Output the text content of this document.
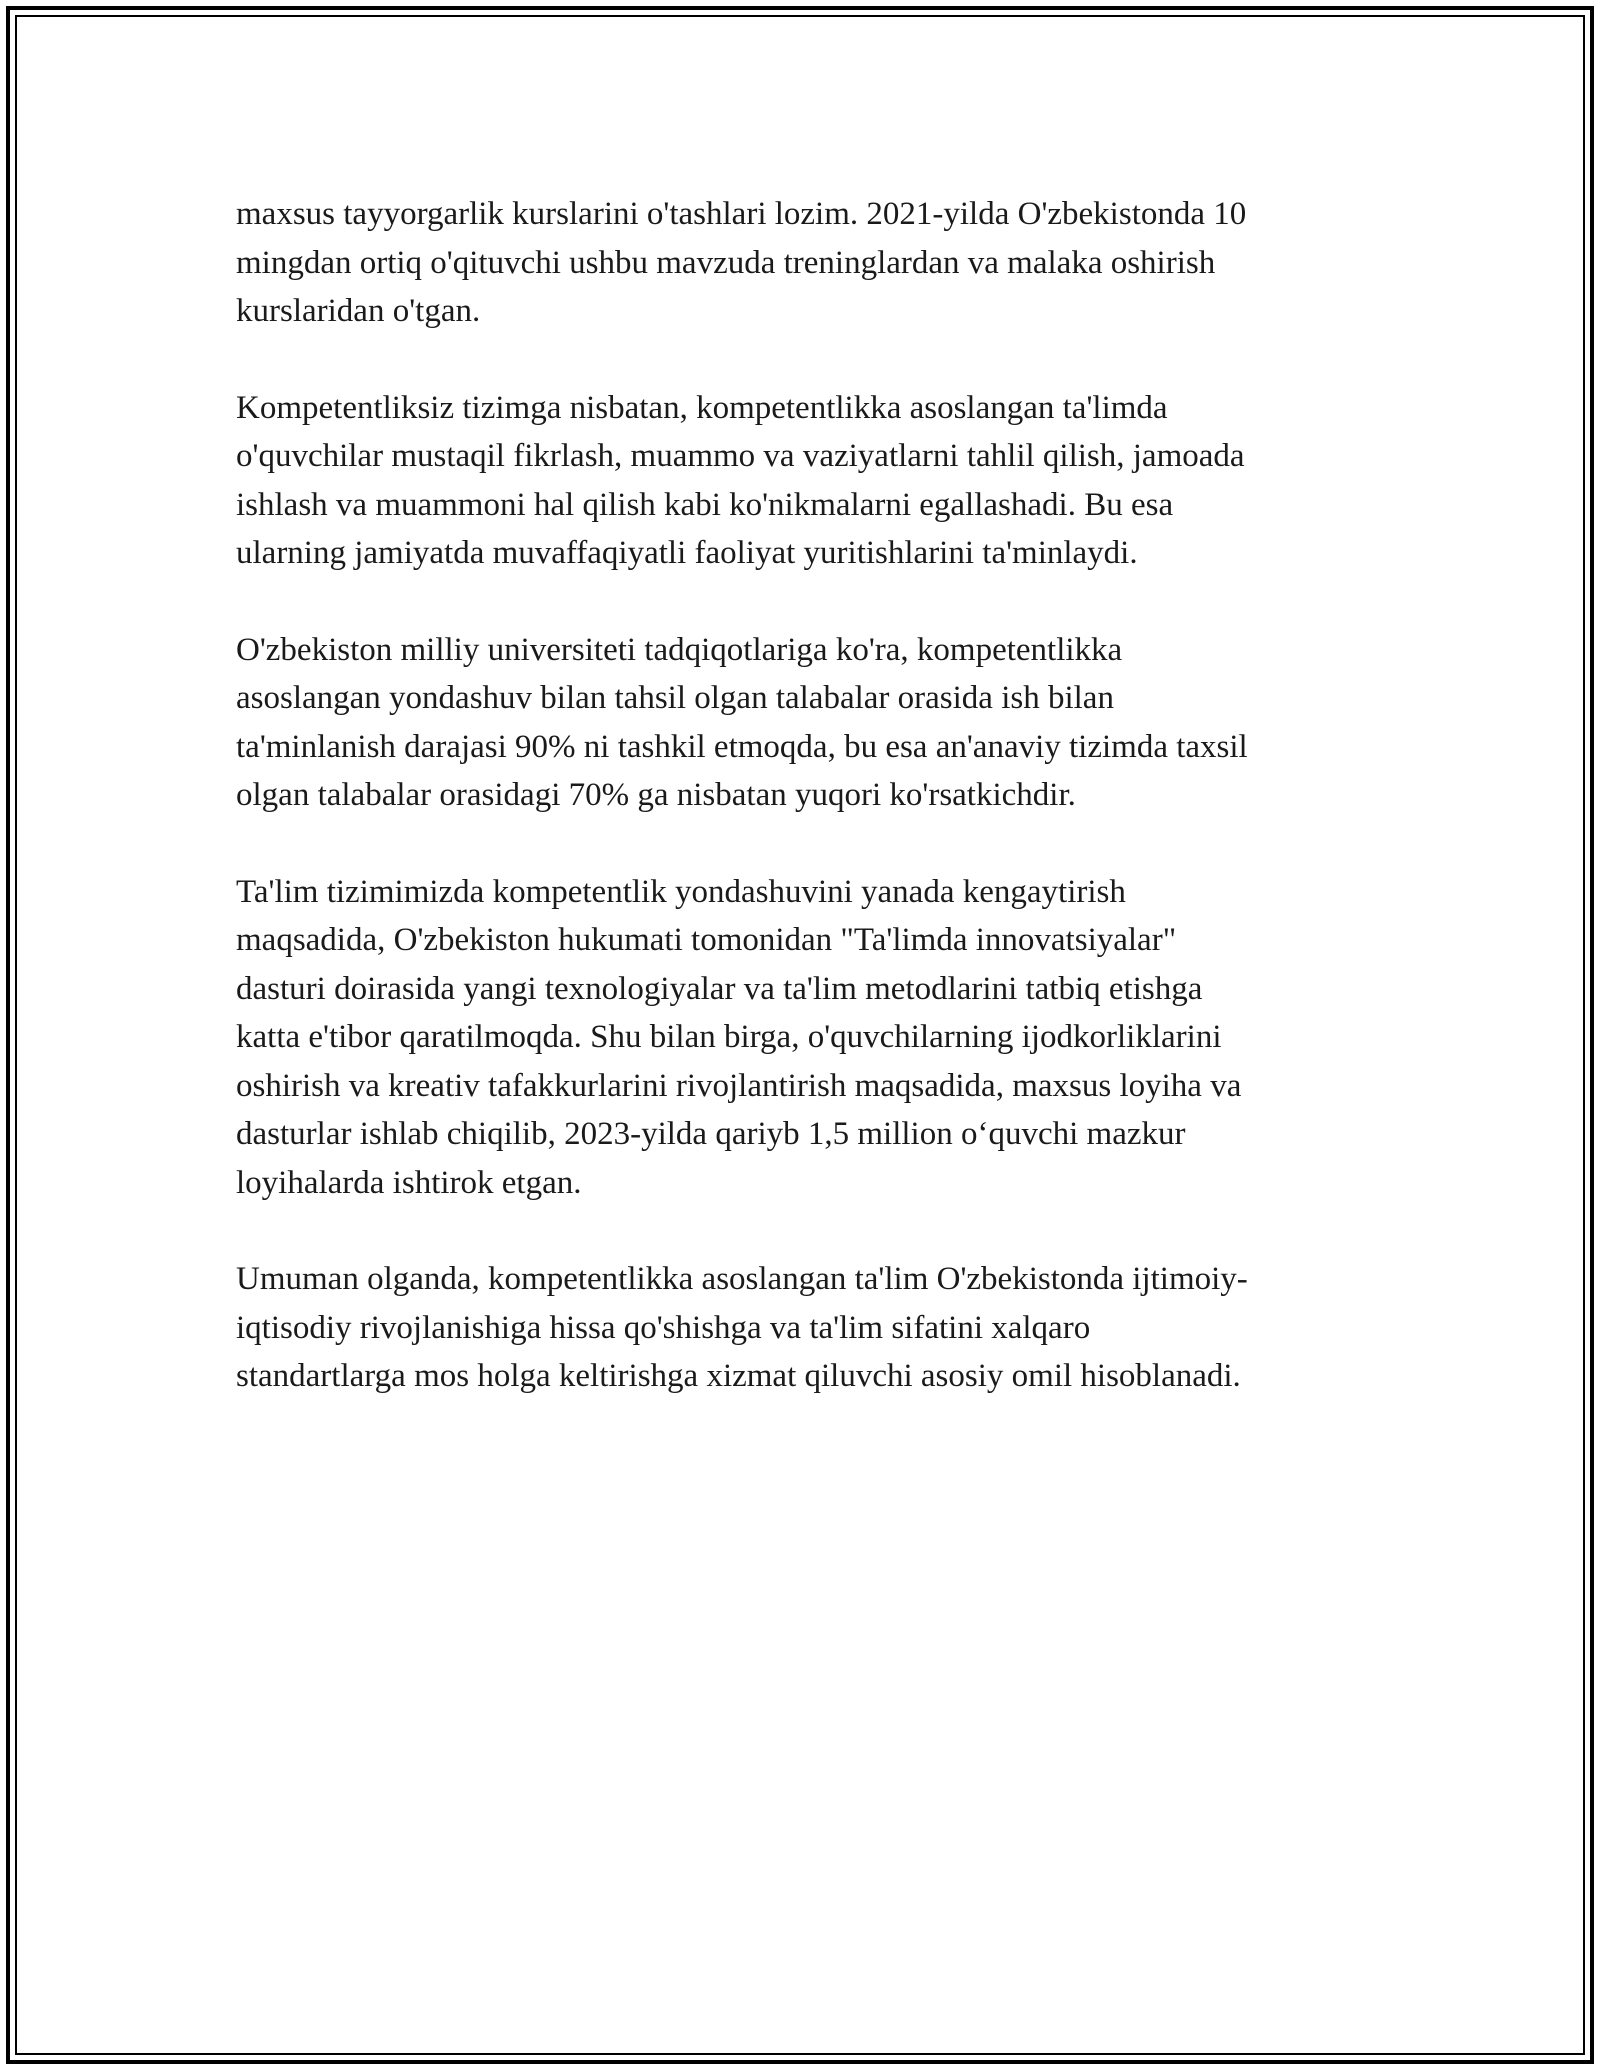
maxsus tayyorgarlik kurslarini o'tashlari lozim. 2021-yilda O'zbekistonda 10
mingdan ortiq o'qituvchi ushbu mavzuda treninglardan va malaka oshirish
kurslaridan o'tgan.

Kompetentliksiz tizimga nisbatan, kompetentlikka asoslangan ta'limda
o'quvchilar mustaqil fikrlash, muammo va vaziyatlarni tahlil qilish, jamoada
ishlash va muammoni hal qilish kabi ko'nikmalarni egallashadi. Bu esa
ularning jamiyatda muvaffaqiyatli faoliyat yuritishlarini ta'minlaydi.

O'zbekiston milliy universiteti tadqiqotlariga ko'ra, kompetentlikka
asoslangan yondashuv bilan tahsil olgan talabalar orasida ish bilan
ta'minlanish darajasi 90% ni tashkil etmoqda, bu esa an'anaviy tizimda taxsil
olgan talabalar orasidagi 70% ga nisbatan yuqori ko'rsatkichdir.

Ta'lim tizimimizda kompetentlik yondashuvini yanada kengaytirish
maqsadida, O'zbekiston hukumati tomonidan "Ta'limda innovatsiyalar"
dasturi doirasida yangi texnologiyalar va ta'lim metodlarini tatbiq etishga
katta e'tibor qaratilmoqda. Shu bilan birga, o'quvchilarning ijodkorliklarini
oshirish va kreativ tafakkurlarini rivojlantirish maqsadida, maxsus loyiha va
dasturlar ishlab chiqilib, 2023-yilda qariyb 1,5 million o‘quvchi mazkur
loyihalarda ishtirok etgan.

Umuman olganda, kompetentlikka asoslangan ta'lim O'zbekistonda ijtimoiy-
iqtisodiy rivojlanishiga hissa qo'shishga va ta'lim sifatini xalqaro
standartlarga mos holga keltirishga xizmat qiluvchi asosiy omil hisoblanadi.
